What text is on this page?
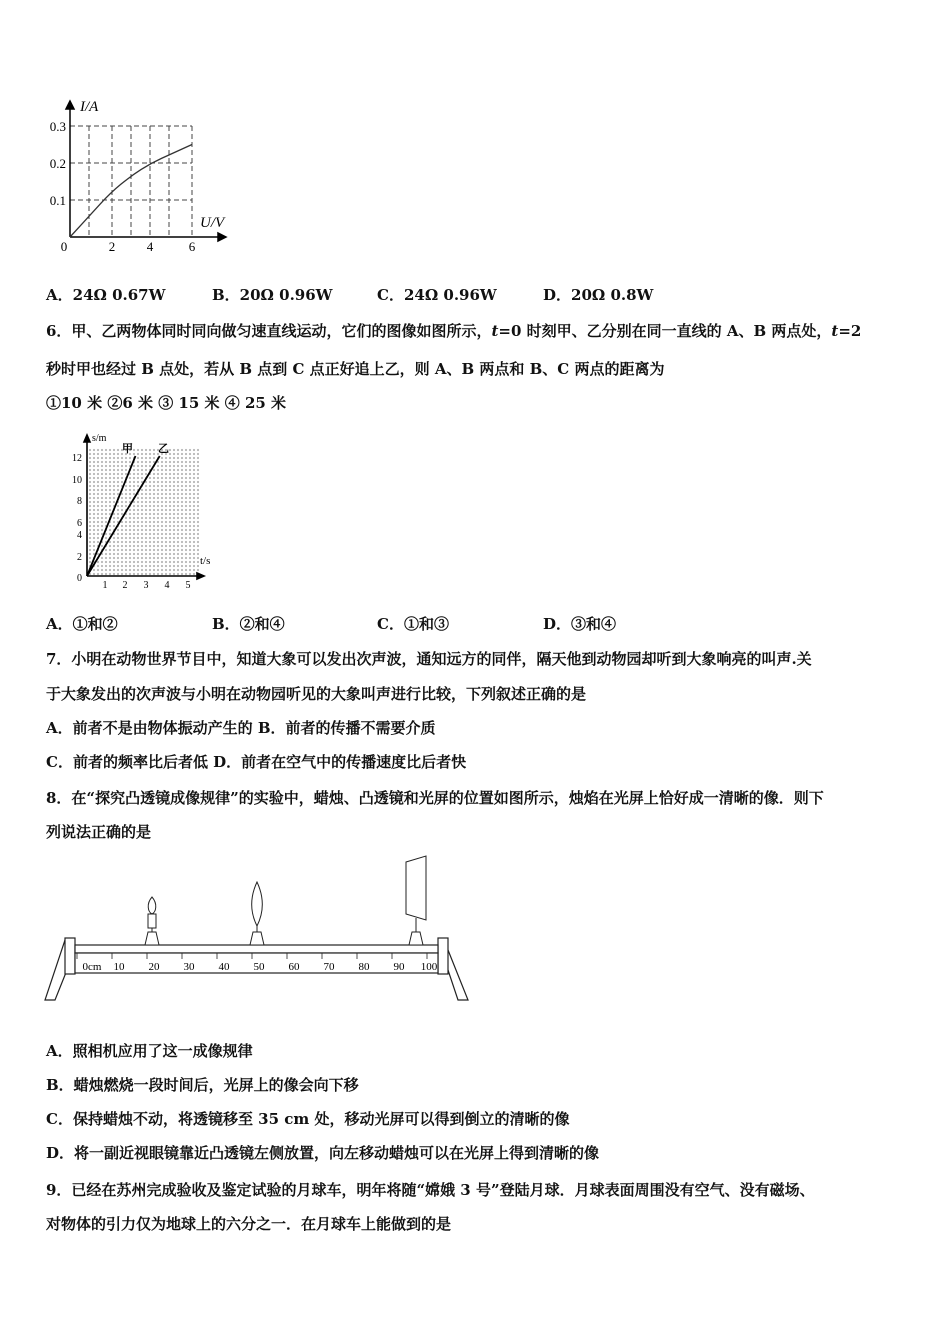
I/A
U/V
0.3
0.2
0.1
0	2 4	6
A．24Ω 0.67W	B．20Ω 0.96W	C．24Ω 0.96W	D．20Ω 0.8W
6．甲、乙两物体同时同向做匀速直线运动，它们的图像如图所示，t=0 时刻甲、乙分别在同一直线的 A、B 两点处，t=2
秒时甲也经过 B 点处，若从 B 点到 C 点正好追上乙，则 A、B 两点和 B、C 两点的距离为
①10 米 ②6 米 ③ 15 米 ④ 25 米
s/m
t/s
甲 乙
12
10
8
6
4
2
0
1 2 3 4 5
A．①和②	B．②和④	C．①和③	D．③和④
7．小明在动物世界节目中，知道大象可以发出次声波，通知远方的同伴，隔天他到动物园却听到大象响亮的叫声.关
于大象发出的次声波与小明在动物园听见的大象叫声进行比较，下列叙述正确的是
A．前者不是由物体振动产生的 B．前者的传播不需要介质
C．前者的频率比后者低 D．前者在空气中的传播速度比后者快
8．在“探究凸透镜成像规律”的实验中，蜡烛、凸透镜和光屏的位置如图所示，烛焰在光屏上恰好成一清晰的像．则下
列说法正确的是
0cm 10 20 30 40 50 60 70 80 90 100
A．照相机应用了这一成像规律
B．蜡烛燃烧一段时间后，光屏上的像会向下移
C．保持蜡烛不动，将透镜移至 35 cm 处，移动光屏可以得到倒立的清晰的像
D．将一副近视眼镜靠近凸透镜左侧放置，向左移动蜡烛可以在光屏上得到清晰的像
9．已经在苏州完成验收及鉴定试验的月球车，明年将随“嫦娥 3 号”登陆月球．月球表面周围没有空气、没有磁场、
对物体的引力仅为地球上的六分之一．在月球车上能做到的是
